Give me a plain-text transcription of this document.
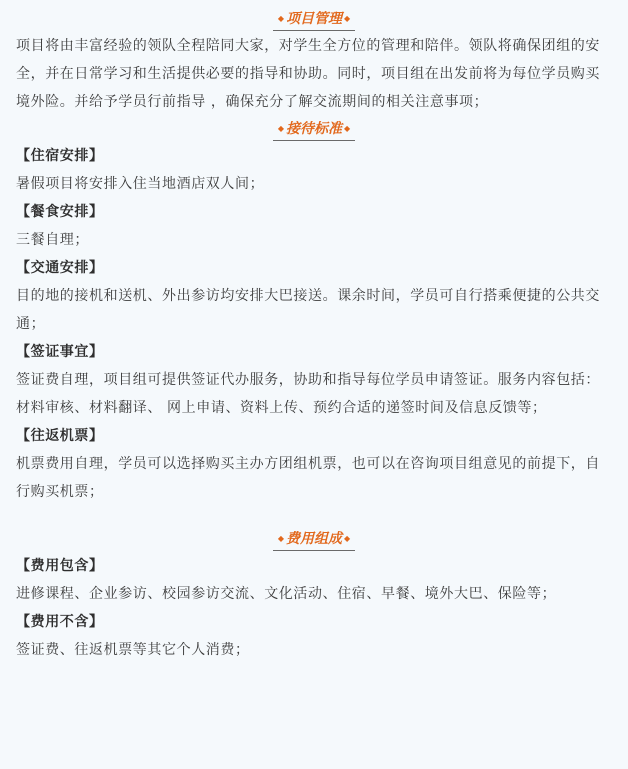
◆ 项目管理 ◆

项目将由丰富经验的领队全程陪同大家，对学生全方位的管理和陪伴。领队将确保团组的安全，并在日常学习和生活提供必要的指导和协助。同时，项目组在出发前将为每位学员购买境外险。并给予学员行前指导 ，确保充分了解交流期间的相关注意事项；

◆ 接待标准 ◆

【住宿安排】

暑假项目将安排入住当地酒店双人间；

【餐食安排】

三餐自理；

【交通安排】

目的地的接机和送机、外出参访均安排大巴接送。课余时间，学员可自行搭乘便捷的公共交通；

【签证事宜】

签证费自理，项目组可提供签证代办服务，协助和指导每位学员申请签证。服务内容包括：材料审核、材料翻译、 网上申请、资料上传、预约合适的递签时间及信息反馈等；

【往返机票】

机票费用自理，学员可以选择购买主办方团组机票，也可以在咨询项目组意见的前提下，自行购买机票；

◆ 费用组成 ◆

【费用包含】

进修课程、企业参访、校园参访交流、文化活动、住宿、早餐、境外大巴、保险等；

【费用不含】

签证费、往返机票等其它个人消费；
